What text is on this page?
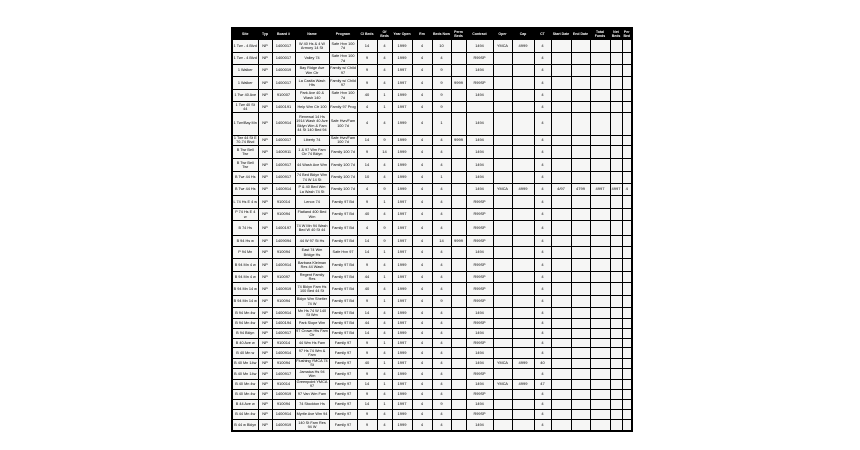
Site	Typ	Board #	Name	Program	Cl Beds	Of Beds	Year Open	Rm	Beds Now	Perm Beds	Contract	Oper	Cap	CT	Start Date	End Date	Total Funds	Net Beds	Per Bed
1 Twr - 4 Blvd	NP	1400017	W 40 Hs & 4 W Armory 14 St	Safe Hvn 100 7d	14	4	1999	4	10		1494	YMCA	4999	4					
1 Twr - 4 Blvd	NP	1400017	Valley 74	Safe Hvn 100 7d	9	4	1999	4	4		R99SP			4					
1 Walker	NP	1400019	Bay Ridge Ave Wm Ctr	Family w/ Child 97	9	4	1997	4	9		1494			4					
1 Walker	NP	1400017	La Casita Wash Hts	Family w/ Child 97	9	4	1997	4	9	9999	R99SP			4					
1 Twr 40 Ave	NP	910007	Park Ave 40 & Wash 140	Safe Hvn 100 7d	40	1	1999	4	9		1494			4					
1 Twr 40 St 44	NP	1400191	Help Wm Ctr 100	Family 97 Prog	4	1	1997	4	9					4					
1 Twr/Bay Mn	NP	1400914	Renewal 14 Hs 1914 Wash 40 Ave Bklyn Wm & Fam 44 St 140 Bed 94	Safe Hvn/Fam 100 7d	4	4	1999	4	1		1494			4					
1 Twr 44 St E 70-74 Blvd	NP	1400017	Liberty 74	Safe Hvn/Fam 100 7d	14	9	1999	4	4	9999	1494			4					
B Twr Bell Twr	NP	1400911	1 & 97 Wm Fam Ctr 74 Bklyn	Family 100 7d	9	14	1999	4	4		1494			4					
B Twr Bell Twr	NP	1400917	44 Wash Ave Wm	Family 100 7d	14	4	1999	4	4		1494			4					
B Twr 44 Hs	NP	1400917	74 Bed Bklyn Wm 74 W 14 St	Family 100 7d	10	4	1999	4	1		1494			4					
B Twr 44 Hs	NP	1400914	P & 40 Bed Wm La Wash 74 St	Family 100 7d	4	9	1999	4	4		1494	YMCA	4999	4	4/97	4799	4997	4997	4
L 74 Hs E 4 w	NP	910014	Lenox 74	Family 97 Bd	9	1	1997	4	4		R99SP			4					
P 74 Hs E 4 w	NP	910094	Flatland 400 Bed Wm	Family 97 Bd	40	4	1997	4	4		R99SP			4					
B 74 Hs	NP	1400197	74 W Mn 94 Wash Bed W 40 St 44	Family 97 Bd	4	9	1997	4	4		R99SP			4					
B 94 Hs w	NP	1409094	44 W 97 St Hs	Family 97 Bd	14	9	1997	4	14	9999	R99SP			4					
P 94 Mn	NP	910094	East 74 Wm Bridge Hs	Safe Hvn 97	14	1	1997	4	4		1494			4					
B 94 Mn 4 w	NP	1400914	Barbara Kleiman Res 44 Wash	Family 97 Bd	9	4	1999	4	4		R99SP			4					
B 94 Mn 4 w	NP	910097	Regent Family Res	Family 97 Bd	44	1	1997	4	4		R99SP			4					
B 94 Mn 14 w	NP	1400919	74 Bklyn Fam Hs 100 Bed 44 St	Family 97 Bd	40	4	1999	4	4		R99SP			4					
B 94 Mn 14 w	NP	910094	Bklyn Wm Shelter 74 W	Family 97 Bd	9	1	1997	4	9		R99SP			4					
B 94 Mn 4w	NP	1400914	Mn Hs 74 W 140 St Wm	Family 97 Bd	14	4	1999	4	4		1494			4					
B 94 Mn 4w	NP	1400194	Park Slope Wm	Family 97 Bd	44	4	1997	4	4		R99SP			4					
B 94 Bklyn	NP	1400917	97 Crown Hts Fam Ctr	Family 97 Bd	14	4	1999	4	4		1494			4					
B 40 Ave w	NP	910014	44 Wm Hs Fam	Family 97	9	1	1997	4	4		R99SP			4					
B 40 Mn w	NP	1400914	97 Hs 74 Wm & Fam	Family 97	9	4	1999	4	4		1494			4					
B 40 Mn 14w	NP	910094	Flushing YMCA 74 St	Family 97	40	1	1997	4	4		1494	YMCA	4999	40					
B 40 Mn 14w	NP	1400917	Jamaica Hs 94 Wm	Family 97	9	4	1999	4	4		R99SP			4					
B 40 Mn 4w	NP	910014	Greenpoint YMCA 97	Family 97	14	1	1997	4	4		1494	YMCA	4999	47					
B 40 Mn 4w	NP	1400919	97 Van Wm Fam	Family 97	9	4	1999	4	4		R99SP			4					
B 44 Ave w	NP	910094	74 Stockton Hs	Family 97	14	1	1997	4	9		1494			4					
B 44 Mn 4w	NP	1400914	Myrtle Ave Wm 94	Family 97	9	4	1999	4	4		R99SP			4					
B 44 w Bklyn	NP	1400919	140 St Fam Res 94 W	Family 97	9	4	1999	4	4		1494			4					
